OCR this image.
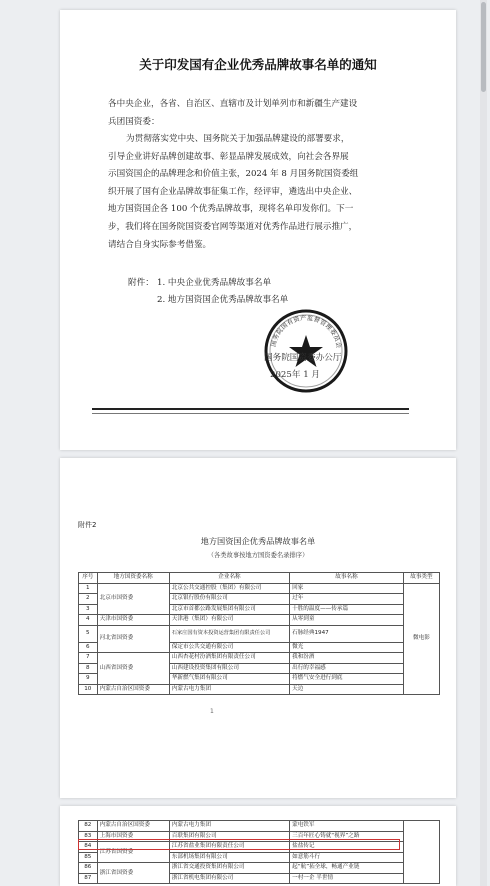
关于印发国有企业优秀品牌故事名单的通知
各中央企业，各省、自治区、直辖市及计划单列市和新疆生产建设
兵团国资委：
为贯彻落实党中央、国务院关于加强品牌建设的部署要求，
引导企业讲好品牌创建故事、彰显品牌发展成效，向社会各界展
示国资国企的品牌理念和价值主张，2024 年 8 月国务院国资委组
织开展了国有企业品牌故事征集工作，经评审，遴选出中央企业、
地方国资国企各 100 个优秀品牌故事，现将名单印发你们。下一
步，我们将在国务院国资委官网等渠道对优秀作品进行展示推广，
请结合自身实际参考借鉴。
附件： 1. 中央企业优秀品牌故事名单
2. 地方国资国企优秀品牌故事名单
国务院国有资产监督管理委员会
国务院国资委办公厅
2025年 1 月
附件2
地方国资国企优秀品牌故事名单
（各类故事按地方国资委名录排序）
序号	地方国资委名称	企业名称	故事名称	故事类型
1	北京市国资委	北京公共交通控股（集团）有限公司	回家	微电影
2		北京银行股份有限公司	过年	
3		北京市首都公路发展集团有限公司	十胜的温度——传承篇	
4	天津市国资委	天津港（集团）有限公司	从零到童	
5	河北省国资委	石家庄国有资本投资运营集团有限责任公司	石脉经典1947	
6		保定市公共交通有限公司	微光	
7	山西省国资委	山西杏花村汾酒集团有限责任公司	我和汾酒	
8		山西建设投资集团有限公司	出行的幸福感	
9		华新燃气集团有限公司	将燃气安全进行到底	
10	内蒙古自治区国资委	内蒙古电力集团	天边	
1
82	内蒙古自治区国资委	内蒙古电力集团	蒙电铁军	
83	上海市国资委	百联集团有限公司	三百年匠心铸就“视界”之路	
84	江苏省国资委	江苏省盐业集团有限责任公司	盐盐传记	
85		东部机场集团有限公司	如意筋斗行	
86	浙江省国资委	浙江省交通投资集团有限公司	起“航”拓全球，畅通产业链	
87		浙江省机电集团有限公司	一村一企 半世情	
